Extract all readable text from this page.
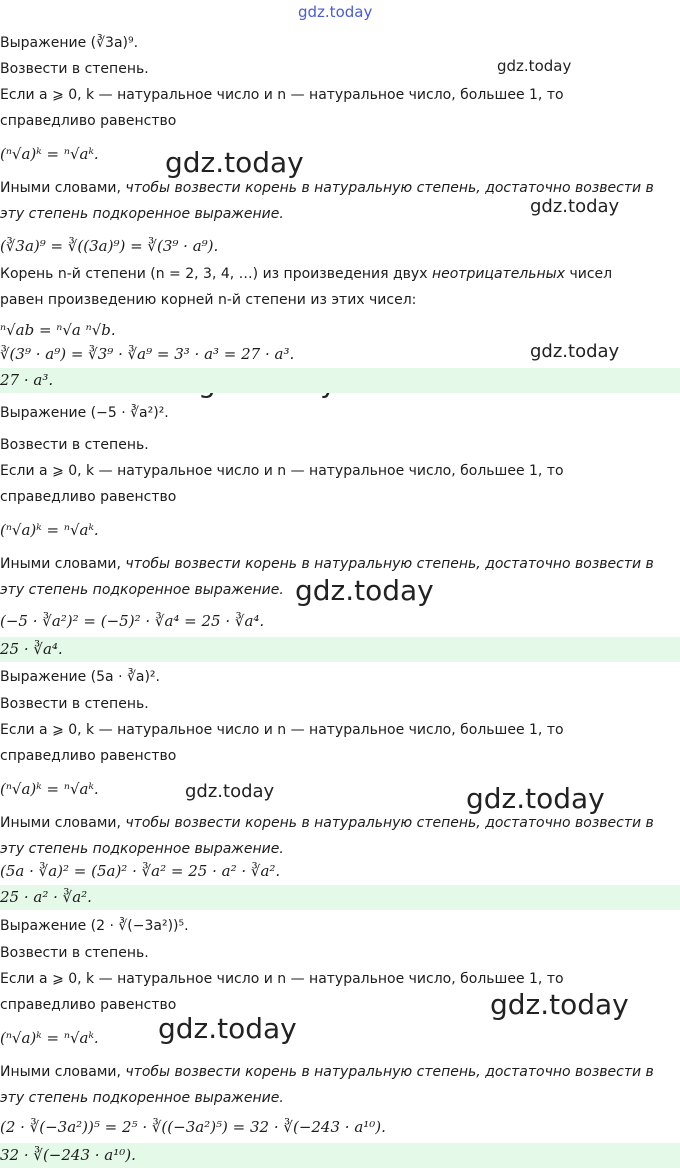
gdz.today
gdz.today
gdz.today
gdz.today
gdz.today
gdz.today
gdz.today	gdz.today
gdz.today
gdz.today
Выражение (∛3a)⁹.
Возвести в степень.
Если a ⩾ 0, k — натуральное число и n — натуральное число, большее 1, то
справедливо равенство
(ⁿ√a)ᵏ = ⁿ√aᵏ.
Иными словами, чтобы возвести корень в натуральную степень, достаточно возвести в
эту степень подкоренное выражение.
(∛3a)⁹ = ∛((3a)⁹) = ∛(3⁹ · a⁹).
Корень n-й степени (n = 2, 3, 4, …) из произведения двух неотрицательных чисел
равен произведению корней n-й степени из этих чисел:
ⁿ√ab = ⁿ√a ⁿ√b.
∛(3⁹ · a⁹) = ∛3⁹ · ∛a⁹ = 3³ · a³ = 27 · a³.
27 · a³.
Выражение (−5 · ∛a²)².
Возвести в степень.
Если a ⩾ 0, k — натуральное число и n — натуральное число, большее 1, то
справедливо равенство
(ⁿ√a)ᵏ = ⁿ√aᵏ.
Иными словами, чтобы возвести корень в натуральную степень, достаточно возвести в
эту степень подкоренное выражение.
(−5 · ∛a²)² = (−5)² · ∛a⁴ = 25 · ∛a⁴.
25 · ∛a⁴.
Выражение (5a · ∛a)².
Возвести в степень.
Если a ⩾ 0, k — натуральное число и n — натуральное число, большее 1, то
справедливо равенство
(ⁿ√a)ᵏ = ⁿ√aᵏ.
Иными словами, чтобы возвести корень в натуральную степень, достаточно возвести в
эту степень подкоренное выражение.
(5a · ∛a)² = (5a)² · ∛a² = 25 · a² · ∛a².
25 · a² · ∛a².
Выражение (2 · ∛(−3a²))⁵.
Возвести в степень.
Если a ⩾ 0, k — натуральное число и n — натуральное число, большее 1, то
справедливо равенство
(ⁿ√a)ᵏ = ⁿ√aᵏ.
Иными словами, чтобы возвести корень в натуральную степень, достаточно возвести в
эту степень подкоренное выражение.
(2 · ∛(−3a²))⁵ = 2⁵ · ∛((−3a²)⁵) = 32 · ∛(−243 · a¹⁰).
32 · ∛(−243 · a¹⁰).
